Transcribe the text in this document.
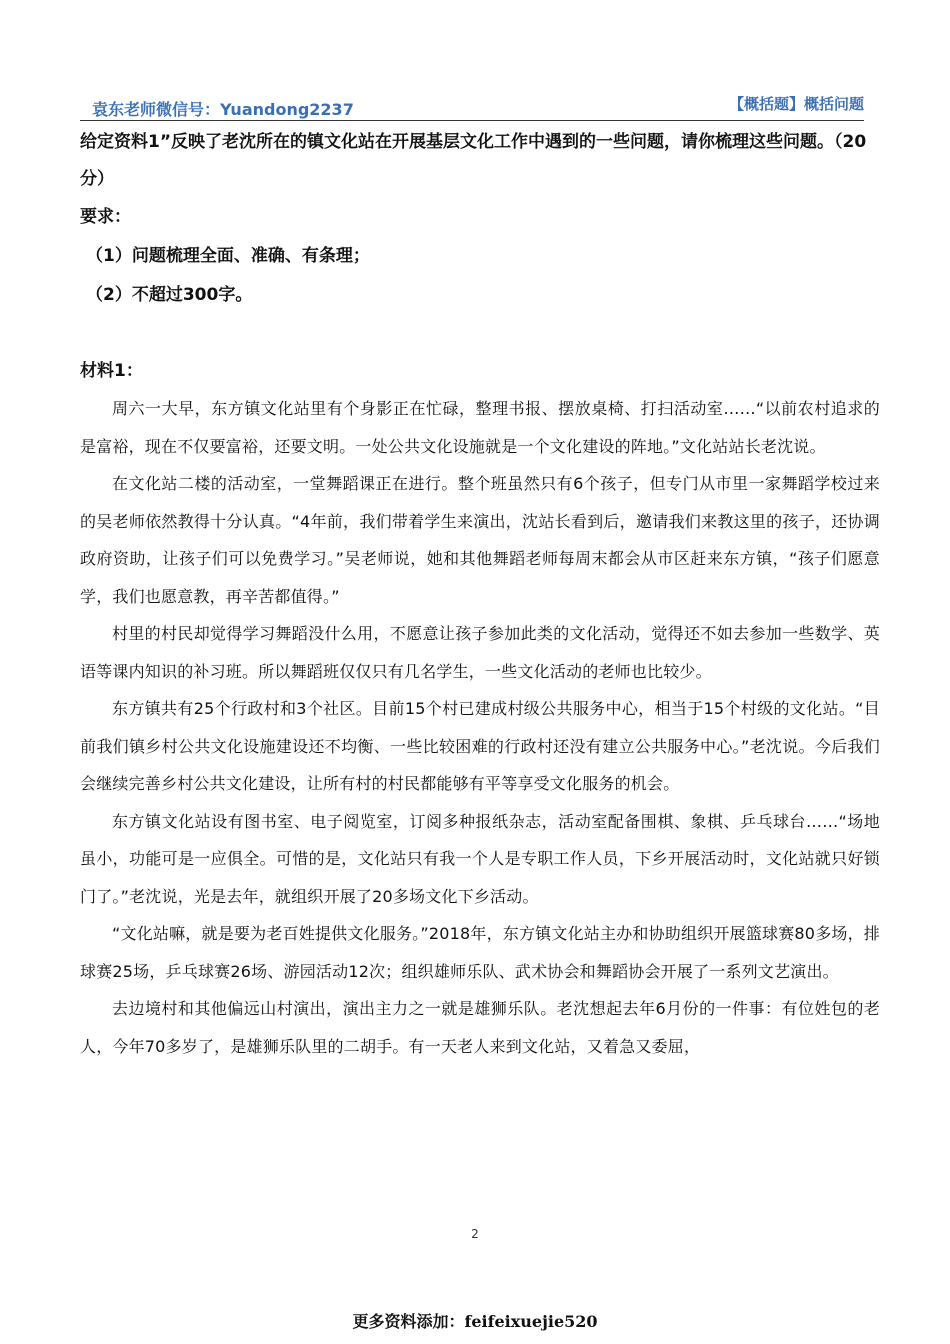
袁东老师微信号：Yuandong2237	【概括题】概括问题

给定资料1”反映了老沈所在的镇文化站在开展基层文化工作中遇到的一些问题，请你梳理这些问题。（20分）

要求：

（1）问题梳理全面、准确、有条理；

（2）不超过300字。

材料1：

周六一大早，东方镇文化站里有个身影正在忙碌，整理书报、摆放桌椅、打扫活动室……“以前农村追求的是富裕，现在不仅要富裕，还要文明。一处公共文化设施就是一个文化建设的阵地。”文化站站长老沈说。

在文化站二楼的活动室，一堂舞蹈课正在进行。整个班虽然只有6个孩子，但专门从市里一家舞蹈学校过来的吴老师依然教得十分认真。“4年前，我们带着学生来演出，沈站长看到后，邀请我们来教这里的孩子，还协调政府资助，让孩子们可以免费学习。”吴老师说，她和其他舞蹈老师每周末都会从市区赶来东方镇，“孩子们愿意学，我们也愿意教，再辛苦都值得。”

村里的村民却觉得学习舞蹈没什么用，不愿意让孩子参加此类的文化活动，觉得还不如去参加一些数学、英语等课内知识的补习班。所以舞蹈班仅仅只有几名学生，一些文化活动的老师也比较少。

东方镇共有25个行政村和3个社区。目前15个村已建成村级公共服务中心，相当于15个村级的文化站。“目前我们镇乡村公共文化设施建设还不均衡、一些比较困难的行政村还没有建立公共服务中心。”老沈说。今后我们会继续完善乡村公共文化建设，让所有村的村民都能够有平等享受文化服务的机会。

东方镇文化站设有图书室、电子阅览室，订阅多种报纸杂志，活动室配备围棋、象棋、乒乓球台……“场地虽小，功能可是一应俱全。可惜的是，文化站只有我一个人是专职工作人员，下乡开展活动时，文化站就只好锁门了。”老沈说，光是去年，就组织开展了20多场文化下乡活动。

“文化站嘛，就是要为老百姓提供文化服务。”2018年，东方镇文化站主办和协助组织开展篮球赛80多场，排球赛25场，乒乓球赛26场、游园活动12次；组织雄师乐队、武术协会和舞蹈协会开展了一系列文艺演出。

去边境村和其他偏远山村演出，演出主力之一就是雄狮乐队。老沈想起去年6月份的一件事：有位姓包的老人，今年70多岁了，是雄狮乐队里的二胡手。有一天老人来到文化站，又着急又委屈，

2
更多资料添加：feifeixuejie520
